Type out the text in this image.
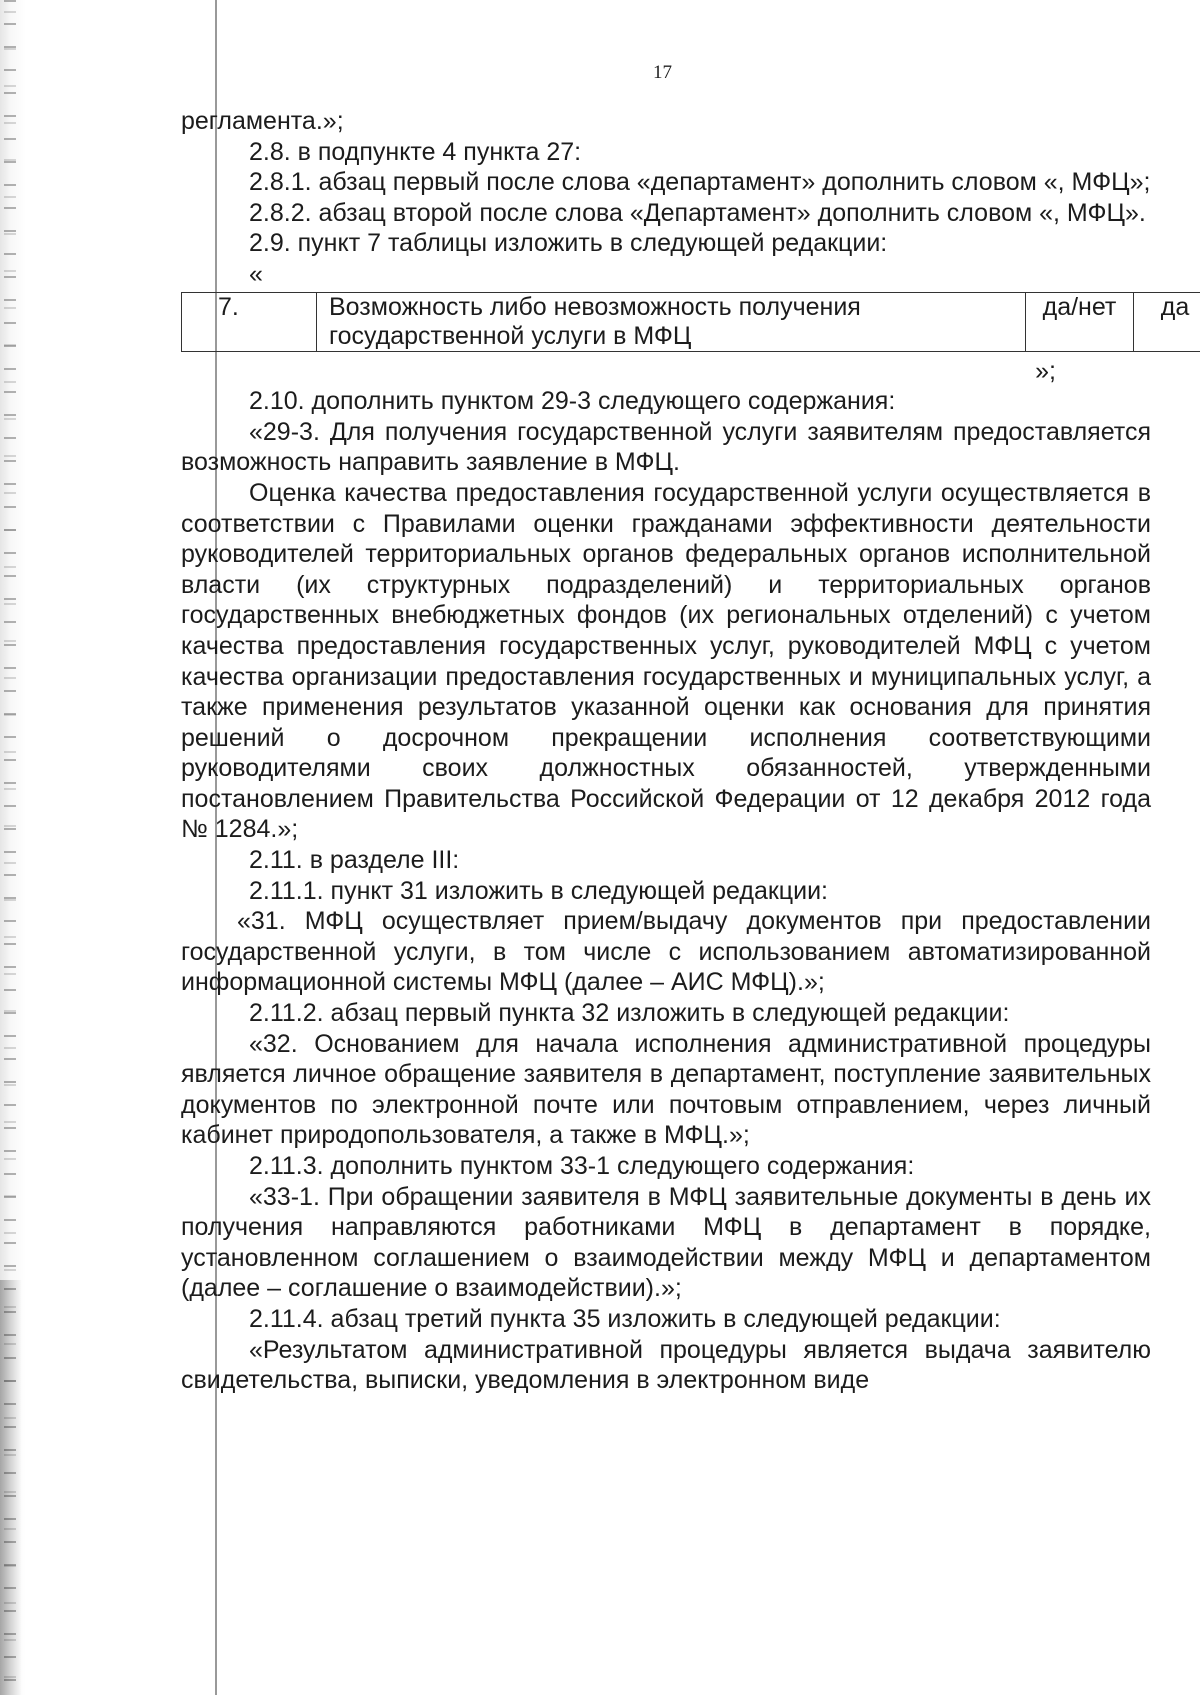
17

регламента.»;

2.8. в подпункте 4 пункта 27:

2.8.1. абзац первый после слова «департамент» дополнить словом «, МФЦ»;

2.8.2. абзац второй после слова «Департамент» дополнить словом «, МФЦ».

2.9. пункт 7 таблицы изложить в следующей редакции:

«

7.	Возможность либо невозможность получения государственной услуги в МФЦ	да/нет	да

»;

2.10. дополнить пунктом 29-3 следующего содержания:

«29-3. Для получения государственной услуги заявителям предоставляется возможность направить заявление в МФЦ.

Оценка качества предоставления государственной услуги осуществляется в соответствии с Правилами оценки гражданами эффективности деятельности руководителей территориальных органов федеральных органов исполнительной власти (их структурных подразделений) и территориальных органов государственных внебюджетных фондов (их региональных отделений) с учетом качества предоставления государственных услуг, руководителей МФЦ с учетом качества организации предоставления государственных и муниципальных услуг, а также применения результатов указанной оценки как основания для принятия решений о досрочном прекращении исполнения соответствующими руководителями своих должностных обязанностей, утвержденными постановлением Правительства Российской Федерации от 12 декабря 2012 года № 1284.»;

2.11. в разделе III:

2.11.1. пункт 31 изложить в следующей редакции:

«31. МФЦ осуществляет прием/выдачу документов при предоставлении государственной услуги, в том числе с использованием автоматизированной информационной системы МФЦ (далее – АИС МФЦ).»;

2.11.2. абзац первый пункта 32 изложить в следующей редакции:

«32. Основанием для начала исполнения административной процедуры является личное обращение заявителя в департамент, поступление заявительных документов по электронной почте или почтовым отправлением, через личный кабинет природопользователя, а также в МФЦ.»;

2.11.3. дополнить пунктом 33-1 следующего содержания:

«33-1. При обращении заявителя в МФЦ заявительные документы в день их получения направляются работниками МФЦ в департамент в порядке, установленном соглашением о взаимодействии между МФЦ и департаментом (далее – соглашение о взаимодействии).»;

2.11.4. абзац третий пункта 35 изложить в следующей редакции:

«Результатом административной процедуры является выдача заявителю свидетельства, выписки, уведомления в электронном виде
